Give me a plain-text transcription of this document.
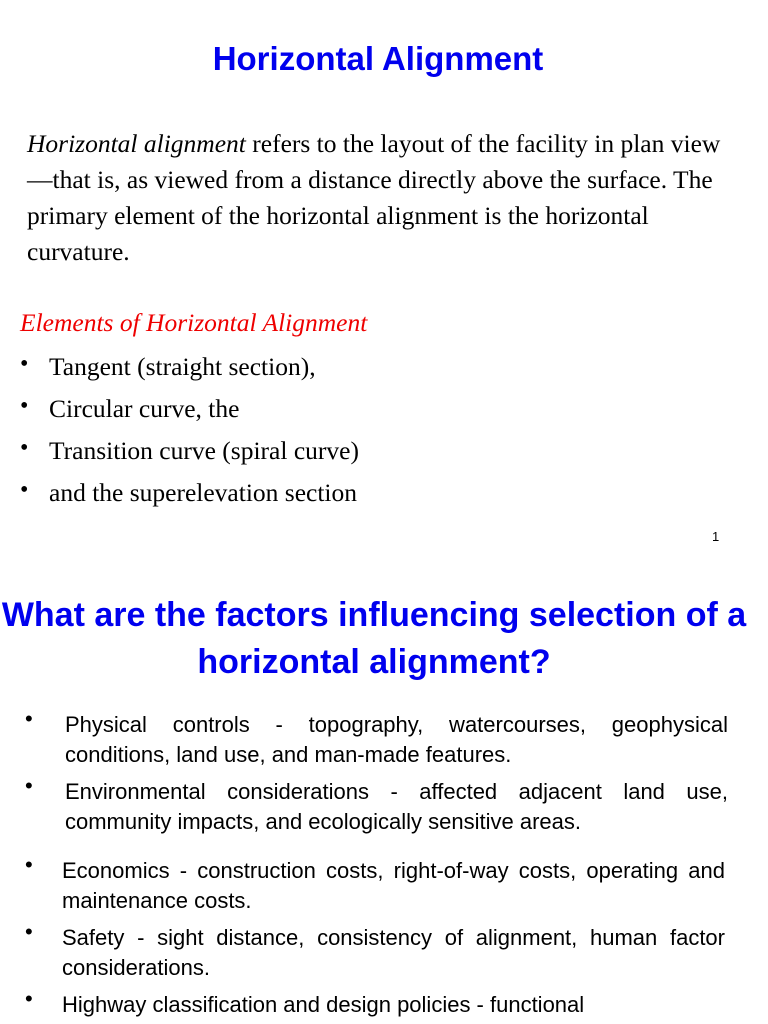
Horizontal Alignment

Horizontal alignment refers to the layout of the facility in plan view—that is, as viewed from a distance directly above the surface. The primary element of the horizontal alignment is the horizontal curvature.

Elements of Horizontal Alignment

• Tangent (straight section),
• Circular curve, the
• Transition curve (spiral curve)
• and the superelevation section
1
What are the factors influencing selection of a horizontal alignment?
• Physical controls - topography, watercourses, geophysical conditions, land use, and man-made features.
• Environmental considerations - affected adjacent land use, community impacts, and ecologically sensitive areas.
• Economics - construction costs, right-of-way costs, operating and maintenance costs.
• Safety - sight distance, consistency of alignment, human factor considerations.
• Highway classification and design policies - functional
